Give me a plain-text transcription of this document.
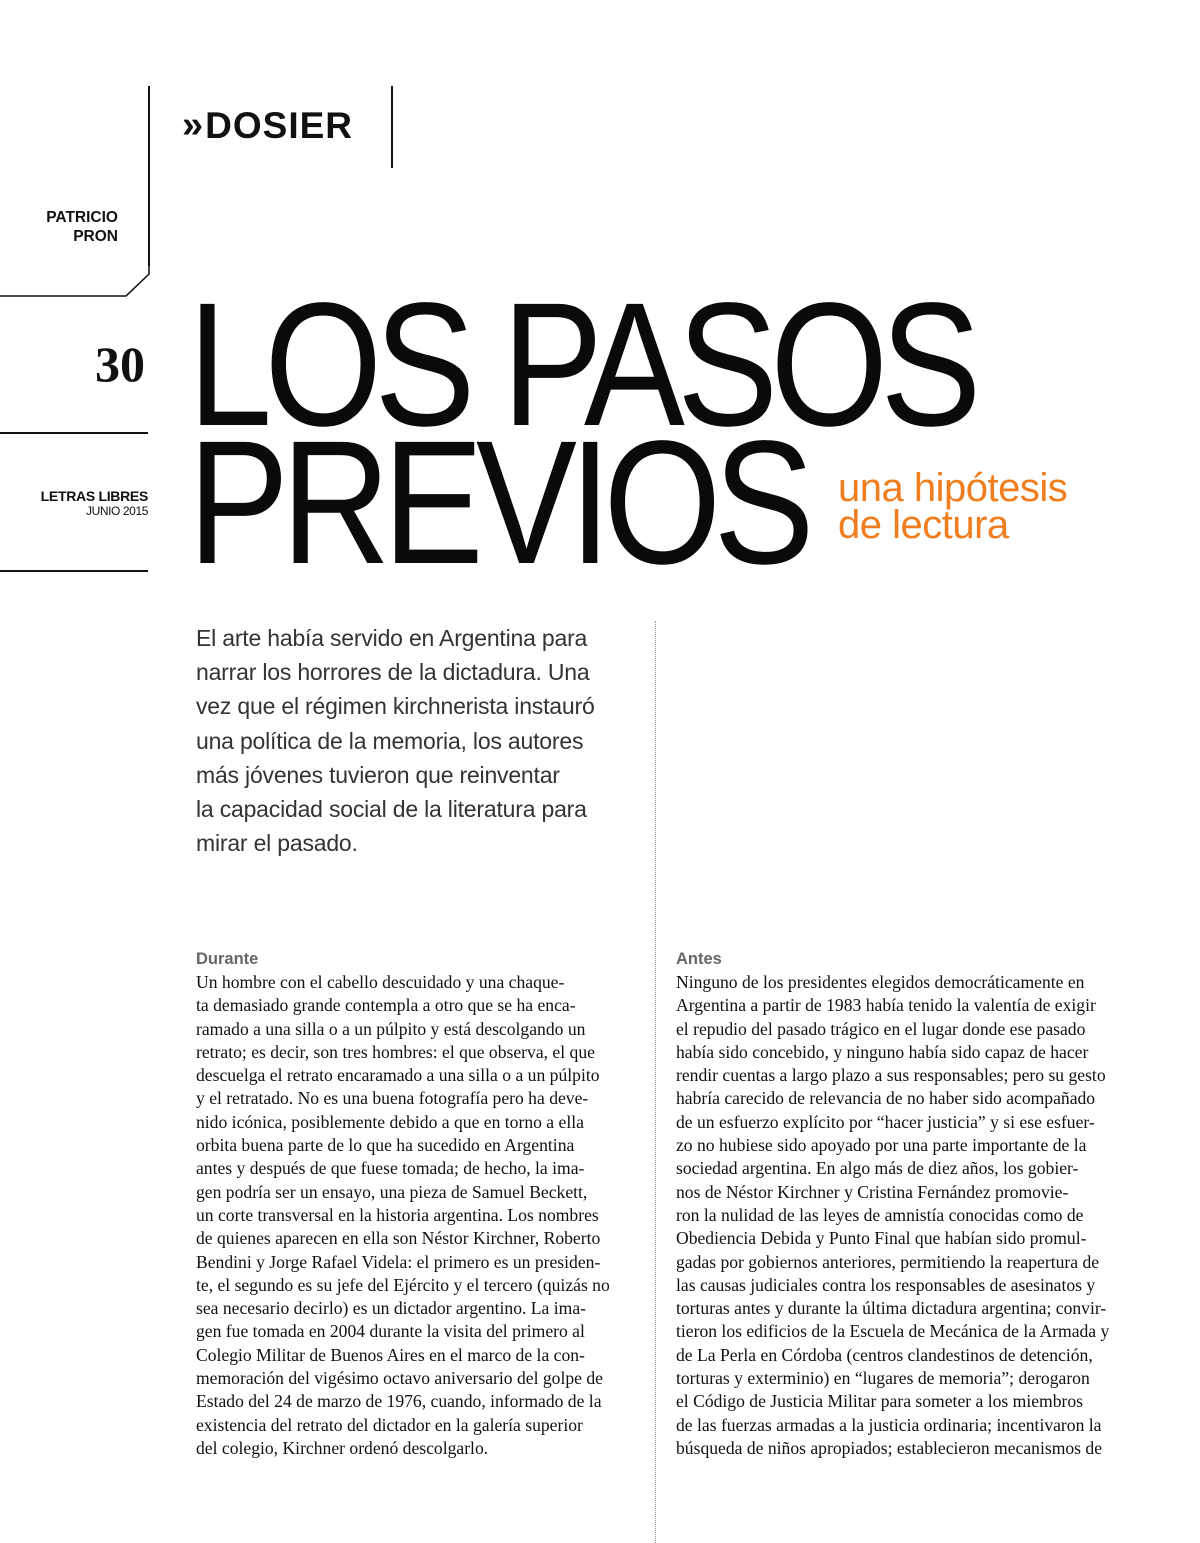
» DOSIER
PATRICIO
PRON
30
LETRAS LIBRES
JUNIO 2015
LOS PASOS
PREVIOS una hipótesis
de lectura
El arte había servido en Argentina para
narrar los horrores de la dictadura. Una
vez que el régimen kirchnerista instauró
una política de la memoria, los autores
más jóvenes tuvieron que reinventar
la capacidad social de la literatura para
mirar el pasado.
Durante
Un hombre con el cabello descuidado y una chaque-
ta demasiado grande contempla a otro que se ha enca-
ramado a una silla o a un púlpito y está descolgando un
retrato; es decir, son tres hombres: el que observa, el que
descuelga el retrato encaramado a una silla o a un púlpito
y el retratado. No es una buena fotografía pero ha deve-
nido icónica, posiblemente debido a que en torno a ella
orbita buena parte de lo que ha sucedido en Argentina
antes y después de que fuese tomada; de hecho, la ima-
gen podría ser un ensayo, una pieza de Samuel Beckett,
un corte transversal en la historia argentina. Los nombres
de quienes aparecen en ella son Néstor Kirchner, Roberto
Bendini y Jorge Rafael Videla: el primero es un presiden-
te, el segundo es su jefe del Ejército y el tercero (quizás no
sea necesario decirlo) es un dictador argentino. La ima-
gen fue tomada en 2004 durante la visita del primero al
Colegio Militar de Buenos Aires en el marco de la con-
memoración del vigésimo octavo aniversario del golpe de
Estado del 24 de marzo de 1976, cuando, informado de la
existencia del retrato del dictador en la galería superior
del colegio, Kirchner ordenó descolgarlo.
Antes
Ninguno de los presidentes elegidos democráticamente en
Argentina a partir de 1983 había tenido la valentía de exigir
el repudio del pasado trágico en el lugar donde ese pasado
había sido concebido, y ninguno había sido capaz de hacer
rendir cuentas a largo plazo a sus responsables; pero su gesto
habría carecido de relevancia de no haber sido acompañado
de un esfuerzo explícito por “hacer justicia” y si ese esfuer-
zo no hubiese sido apoyado por una parte importante de la
sociedad argentina. En algo más de diez años, los gobier-
nos de Néstor Kirchner y Cristina Fernández promovie-
ron la nulidad de las leyes de amnistía conocidas como de
Obediencia Debida y Punto Final que habían sido promul-
gadas por gobiernos anteriores, permitiendo la reapertura de
las causas judiciales contra los responsables de asesinatos y
torturas antes y durante la última dictadura argentina; convir-
tieron los edificios de la Escuela de Mecánica de la Armada y
de La Perla en Córdoba (centros clandestinos de detención,
torturas y exterminio) en “lugares de memoria”; derogaron
el Código de Justicia Militar para someter a los miembros
de las fuerzas armadas a la justicia ordinaria; incentivaron la
búsqueda de niños apropiados; establecieron mecanismos de
